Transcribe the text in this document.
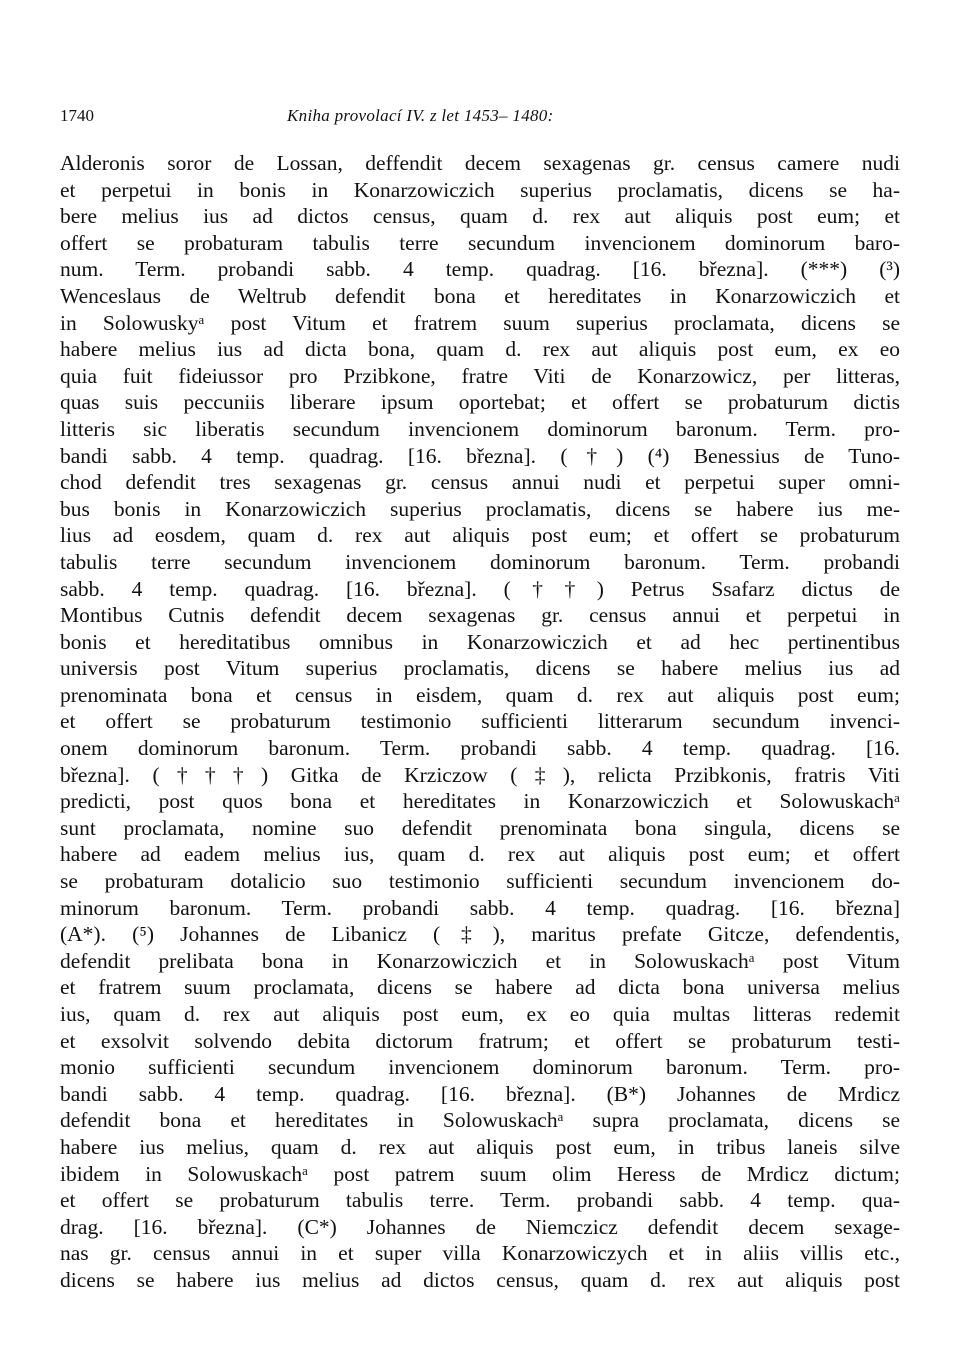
1740	Kniha provolací IV. z let 1453– 1480:
Alderonis soror de Lossan, deffendit decem sexagenas gr. census camere nudi
et perpetui in bonis in Konarzowiczich superius proclamatis, dicens se ha-
bere melius ius ad dictos census, quam d. rex aut aliquis post eum; et
offert se probaturam tabulis terre secundum invencionem dominorum baro-
num. Term. probandi sabb. 4 temp. quadrag. [16. března]. (***) (³)
Wenceslaus de Weltrub defendit bona et hereditates in Konarzowiczich et
in Solowuskyᵃ post Vitum et fratrem suum superius proclamata, dicens se
habere melius ius ad dicta bona, quam d. rex aut aliquis post eum, ex eo
quia fuit fideiussor pro Przibkone, fratre Viti de Konarzowicz, per litteras,
quas suis peccuniis liberare ipsum oportebat; et offert se probaturum dictis
litteris sic liberatis secundum invencionem dominorum baronum. Term. pro-
bandi sabb. 4 temp. quadrag. [16. března]. (†) (⁴) Benessius de Tuno-
chod defendit tres sexagenas gr. census annui nudi et perpetui super omni-
bus bonis in Konarzowiczich superius proclamatis, dicens se habere ius me-
lius ad eosdem, quam d. rex aut aliquis post eum; et offert se probaturum
tabulis terre secundum invencionem dominorum baronum. Term. probandi
sabb. 4 temp. quadrag. [16. března]. (††) Petrus Ssafarz dictus de
Montibus Cutnis defendit decem sexagenas gr. census annui et perpetui in
bonis et hereditatibus omnibus in Konarzowiczich et ad hec pertinentibus
universis post Vitum superius proclamatis, dicens se habere melius ius ad
prenominata bona et census in eisdem, quam d. rex aut aliquis post eum;
et offert se probaturum testimonio sufficienti litterarum secundum invenci-
onem dominorum baronum. Term. probandi sabb. 4 temp. quadrag. [16.
března]. (†††) Gitka de Krziczow (‡), relicta Przibkonis, fratris Viti
predicti, post quos bona et hereditates in Konarzowiczich et Solowuskachᵃ
sunt proclamata, nomine suo defendit prenominata bona singula, dicens se
habere ad eadem melius ius, quam d. rex aut aliquis post eum; et offert
se probaturam dotalicio suo testimonio sufficienti secundum invencionem do-
minorum baronum. Term. probandi sabb. 4 temp. quadrag. [16. března]
(A*). (⁵) Johannes de Libanicz (‡), maritus prefate Gitcze, defendentis,
defendit prelibata bona in Konarzowiczich et in Solowuskachᵃ post Vitum
et fratrem suum proclamata, dicens se habere ad dicta bona universa melius
ius, quam d. rex aut aliquis post eum, ex eo quia multas litteras redemit
et exsolvit solvendo debita dictorum fratrum; et offert se probaturum testi-
monio sufficienti secundum invencionem dominorum baronum. Term. pro-
bandi sabb. 4 temp. quadrag. [16. března]. (B*) Johannes de Mrdicz
defendit bona et hereditates in Solowuskachᵃ supra proclamata, dicens se
habere ius melius, quam d. rex aut aliquis post eum, in tribus laneis silve
ibidem in Solowuskachᵃ post patrem suum olim Heress de Mrdicz dictum;
et offert se probaturum tabulis terre. Term. probandi sabb. 4 temp. qua-
drag. [16. března]. (C*) Johannes de Niemczicz defendit decem sexage-
nas gr. census annui in et super villa Konarzowiczych et in aliis villis etc.,
dicens se habere ius melius ad dictos census, quam d. rex aut aliquis post
